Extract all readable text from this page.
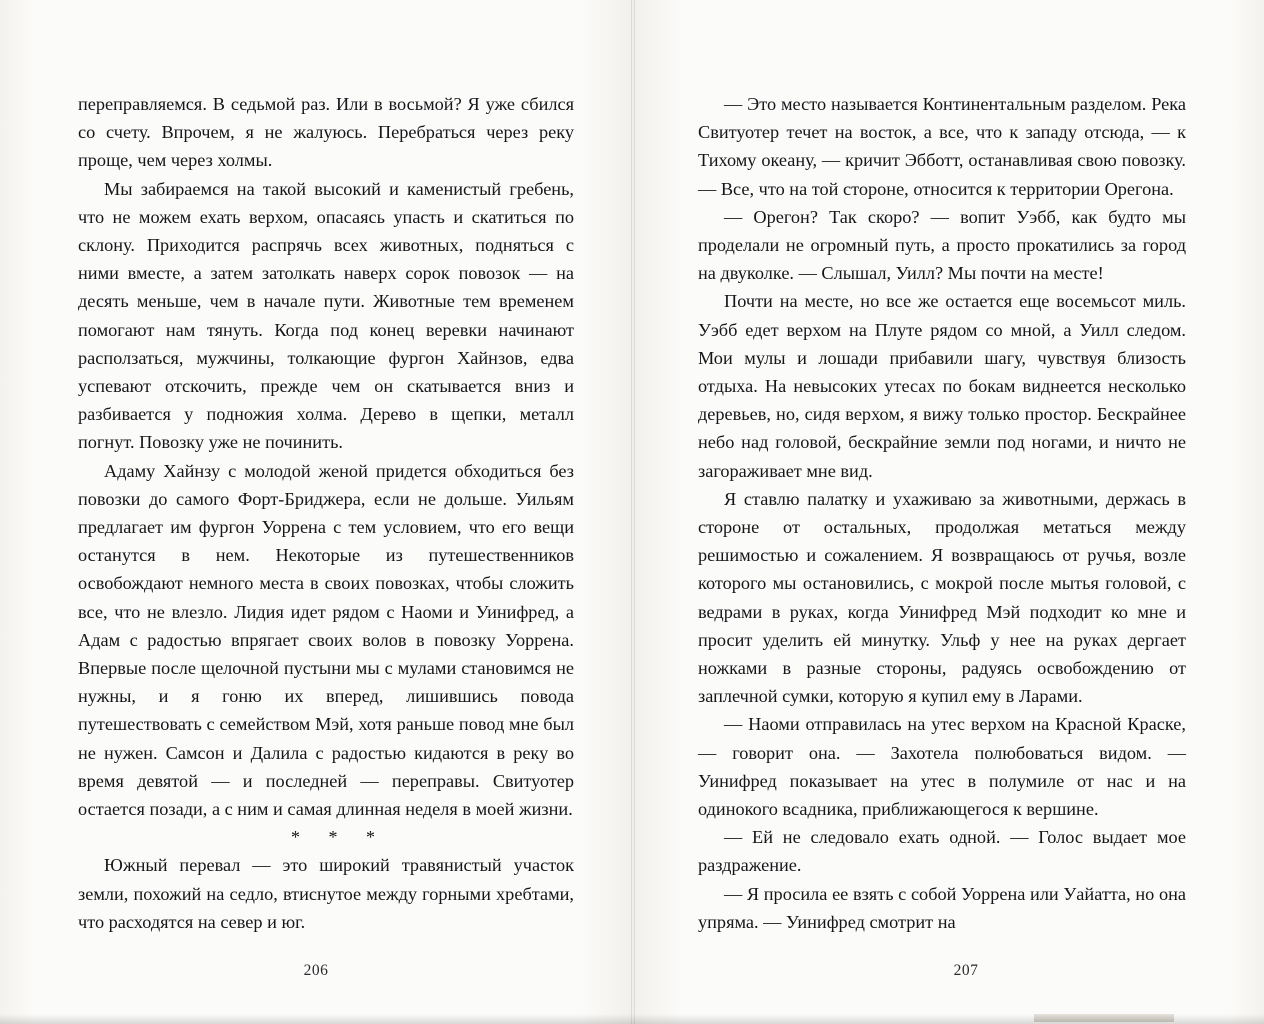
переправляемся. В седьмой раз. Или в восьмой? Я уже сбился со счету. Впрочем, я не жалуюсь. Перебраться через реку проще, чем через холмы.

Мы забираемся на такой высокий и каменистый гребень, что не можем ехать верхом, опасаясь упасть и скатиться по склону. Приходится распрячь всех животных, подняться с ними вместе, а затем затолкать наверх сорок повозок — на десять меньше, чем в начале пути. Животные тем временем помогают нам тянуть. Когда под конец веревки начинают расползаться, мужчины, толкающие фургон Хайнзов, едва успевают отскочить, прежде чем он скатывается вниз и разбивается у подножия холма. Дерево в щепки, металл погнут. Повозку уже не починить.

Адаму Хайнзу с молодой женой придется обходиться без повозки до самого Форт-Бриджера, если не дольше. Уильям предлагает им фургон Уоррена с тем условием, что его вещи останутся в нем. Некоторые из путешественников освобождают немного места в своих повозках, чтобы сложить все, что не влезло. Лидия идет рядом с Наоми и Уинифред, а Адам с радостью впрягает своих волов в повозку Уоррена. Впервые после щелочной пустыни мы с мулами становимся не нужны, и я гоню их вперед, лишившись повода путешествовать с семейством Мэй, хотя раньше повод мне был не нужен. Самсон и Далила с радостью кидаются в реку во время девятой — и последней — переправы. Свитуотер остается позади, а с ним и самая длинная неделя в моей жизни.

* * *

Южный перевал — это широкий травянистый участок земли, похожий на седло, втиснутое между горными хребтами, что расходятся на север и юг.

206

— Это место называется Континентальным разделом. Река Свитуотер течет на восток, а все, что к западу отсюда, — к Тихому океану, — кричит Эбботт, останавливая свою повозку. — Все, что на той стороне, относится к территории Орегона.

— Орегон? Так скоро? — вопит Уэбб, как будто мы проделали не огромный путь, а просто прокатились за город на двуколке. — Слышал, Уилл? Мы почти на месте!

Почти на месте, но все же остается еще восемьсот миль. Уэбб едет верхом на Плуте рядом со мной, а Уилл следом. Мои мулы и лошади прибавили шагу, чувствуя близость отдыха. На невысоких утесах по бокам виднеется несколько деревьев, но, сидя верхом, я вижу только простор. Бескрайнее небо над головой, бескрайние земли под ногами, и ничто не загораживает мне вид.

Я ставлю палатку и ухаживаю за животными, держась в стороне от остальных, продолжая метаться между решимостью и сожалением. Я возвращаюсь от ручья, возле которого мы остановились, с мокрой после мытья головой, с ведрами в руках, когда Уинифред Мэй подходит ко мне и просит уделить ей минутку. Ульф у нее на руках дергает ножками в разные стороны, радуясь освобождению от заплечной сумки, которую я купил ему в Ларами.

— Наоми отправилась на утес верхом на Красной Краске, — говорит она. — Захотела полюбоваться видом. — Уинифред показывает на утес в полумиле от нас и на одинокого всадника, приближающегося к вершине.

— Ей не следовало ехать одной. — Голос выдает мое раздражение.

— Я просила ее взять с собой Уоррена или Уайатта, но она упряма. — Уинифред смотрит на

207
